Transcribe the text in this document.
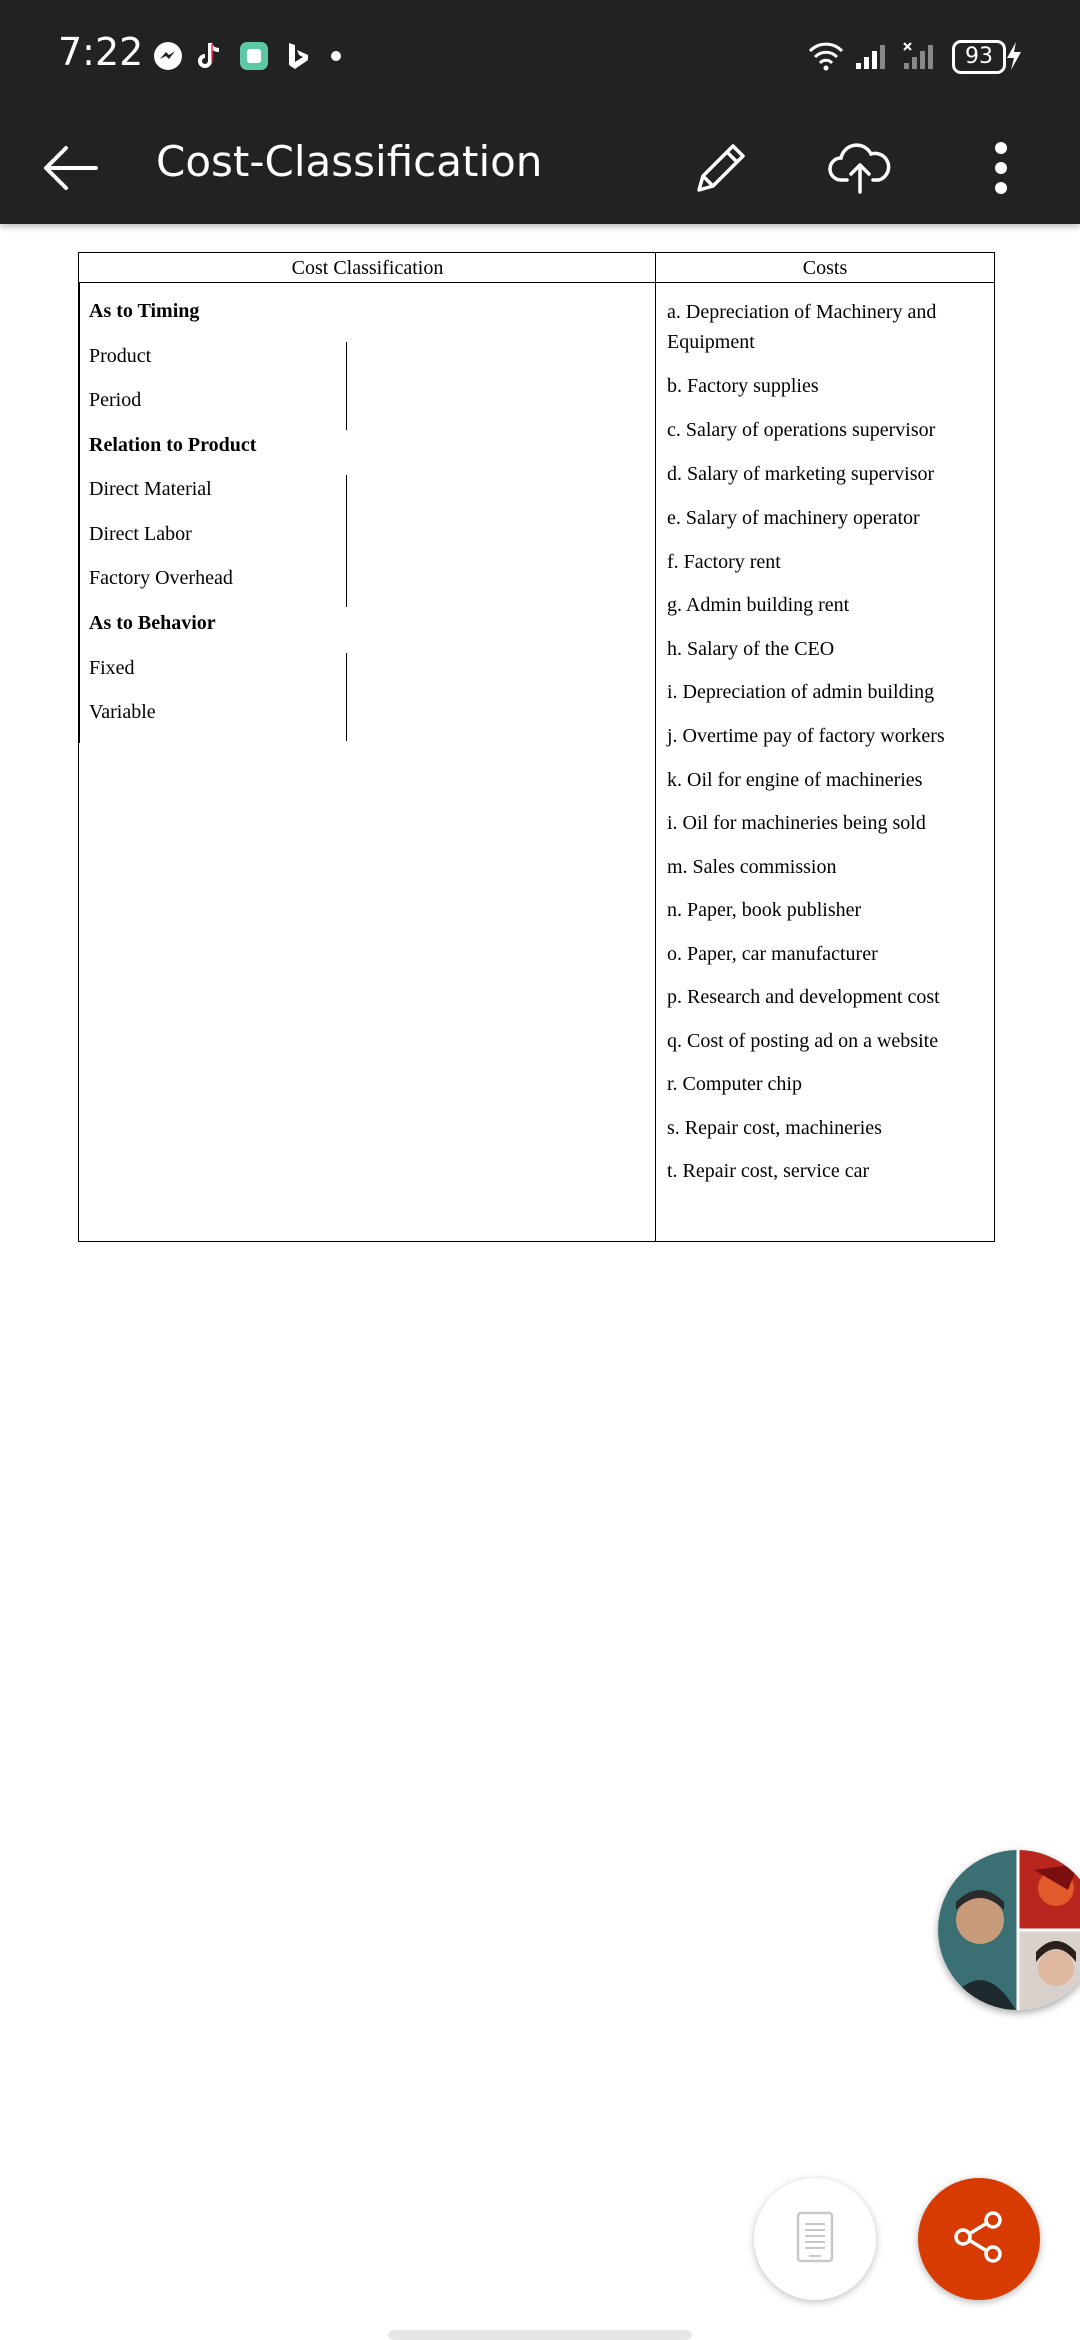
7:22	93
Cost-Classification
Cost Classification	Costs
As to Timing
Product
Period
Relation to Product
Direct Material
Direct Labor
Factory Overhead
As to Behavior
Fixed
Variable
a. Depreciation of Machinery and Equipment
b. Factory supplies
c. Salary of operations supervisor
d. Salary of marketing supervisor
e. Salary of machinery operator
f. Factory rent
g. Admin building rent
h. Salary of the CEO
i. Depreciation of admin building
j. Overtime pay of factory workers
k. Oil for engine of machineries
i. Oil for machineries being sold
m. Sales commission
n. Paper, book publisher
o. Paper, car manufacturer
p. Research and development cost
q. Cost of posting ad on a website
r. Computer chip
s. Repair cost, machineries
t. Repair cost, service car
